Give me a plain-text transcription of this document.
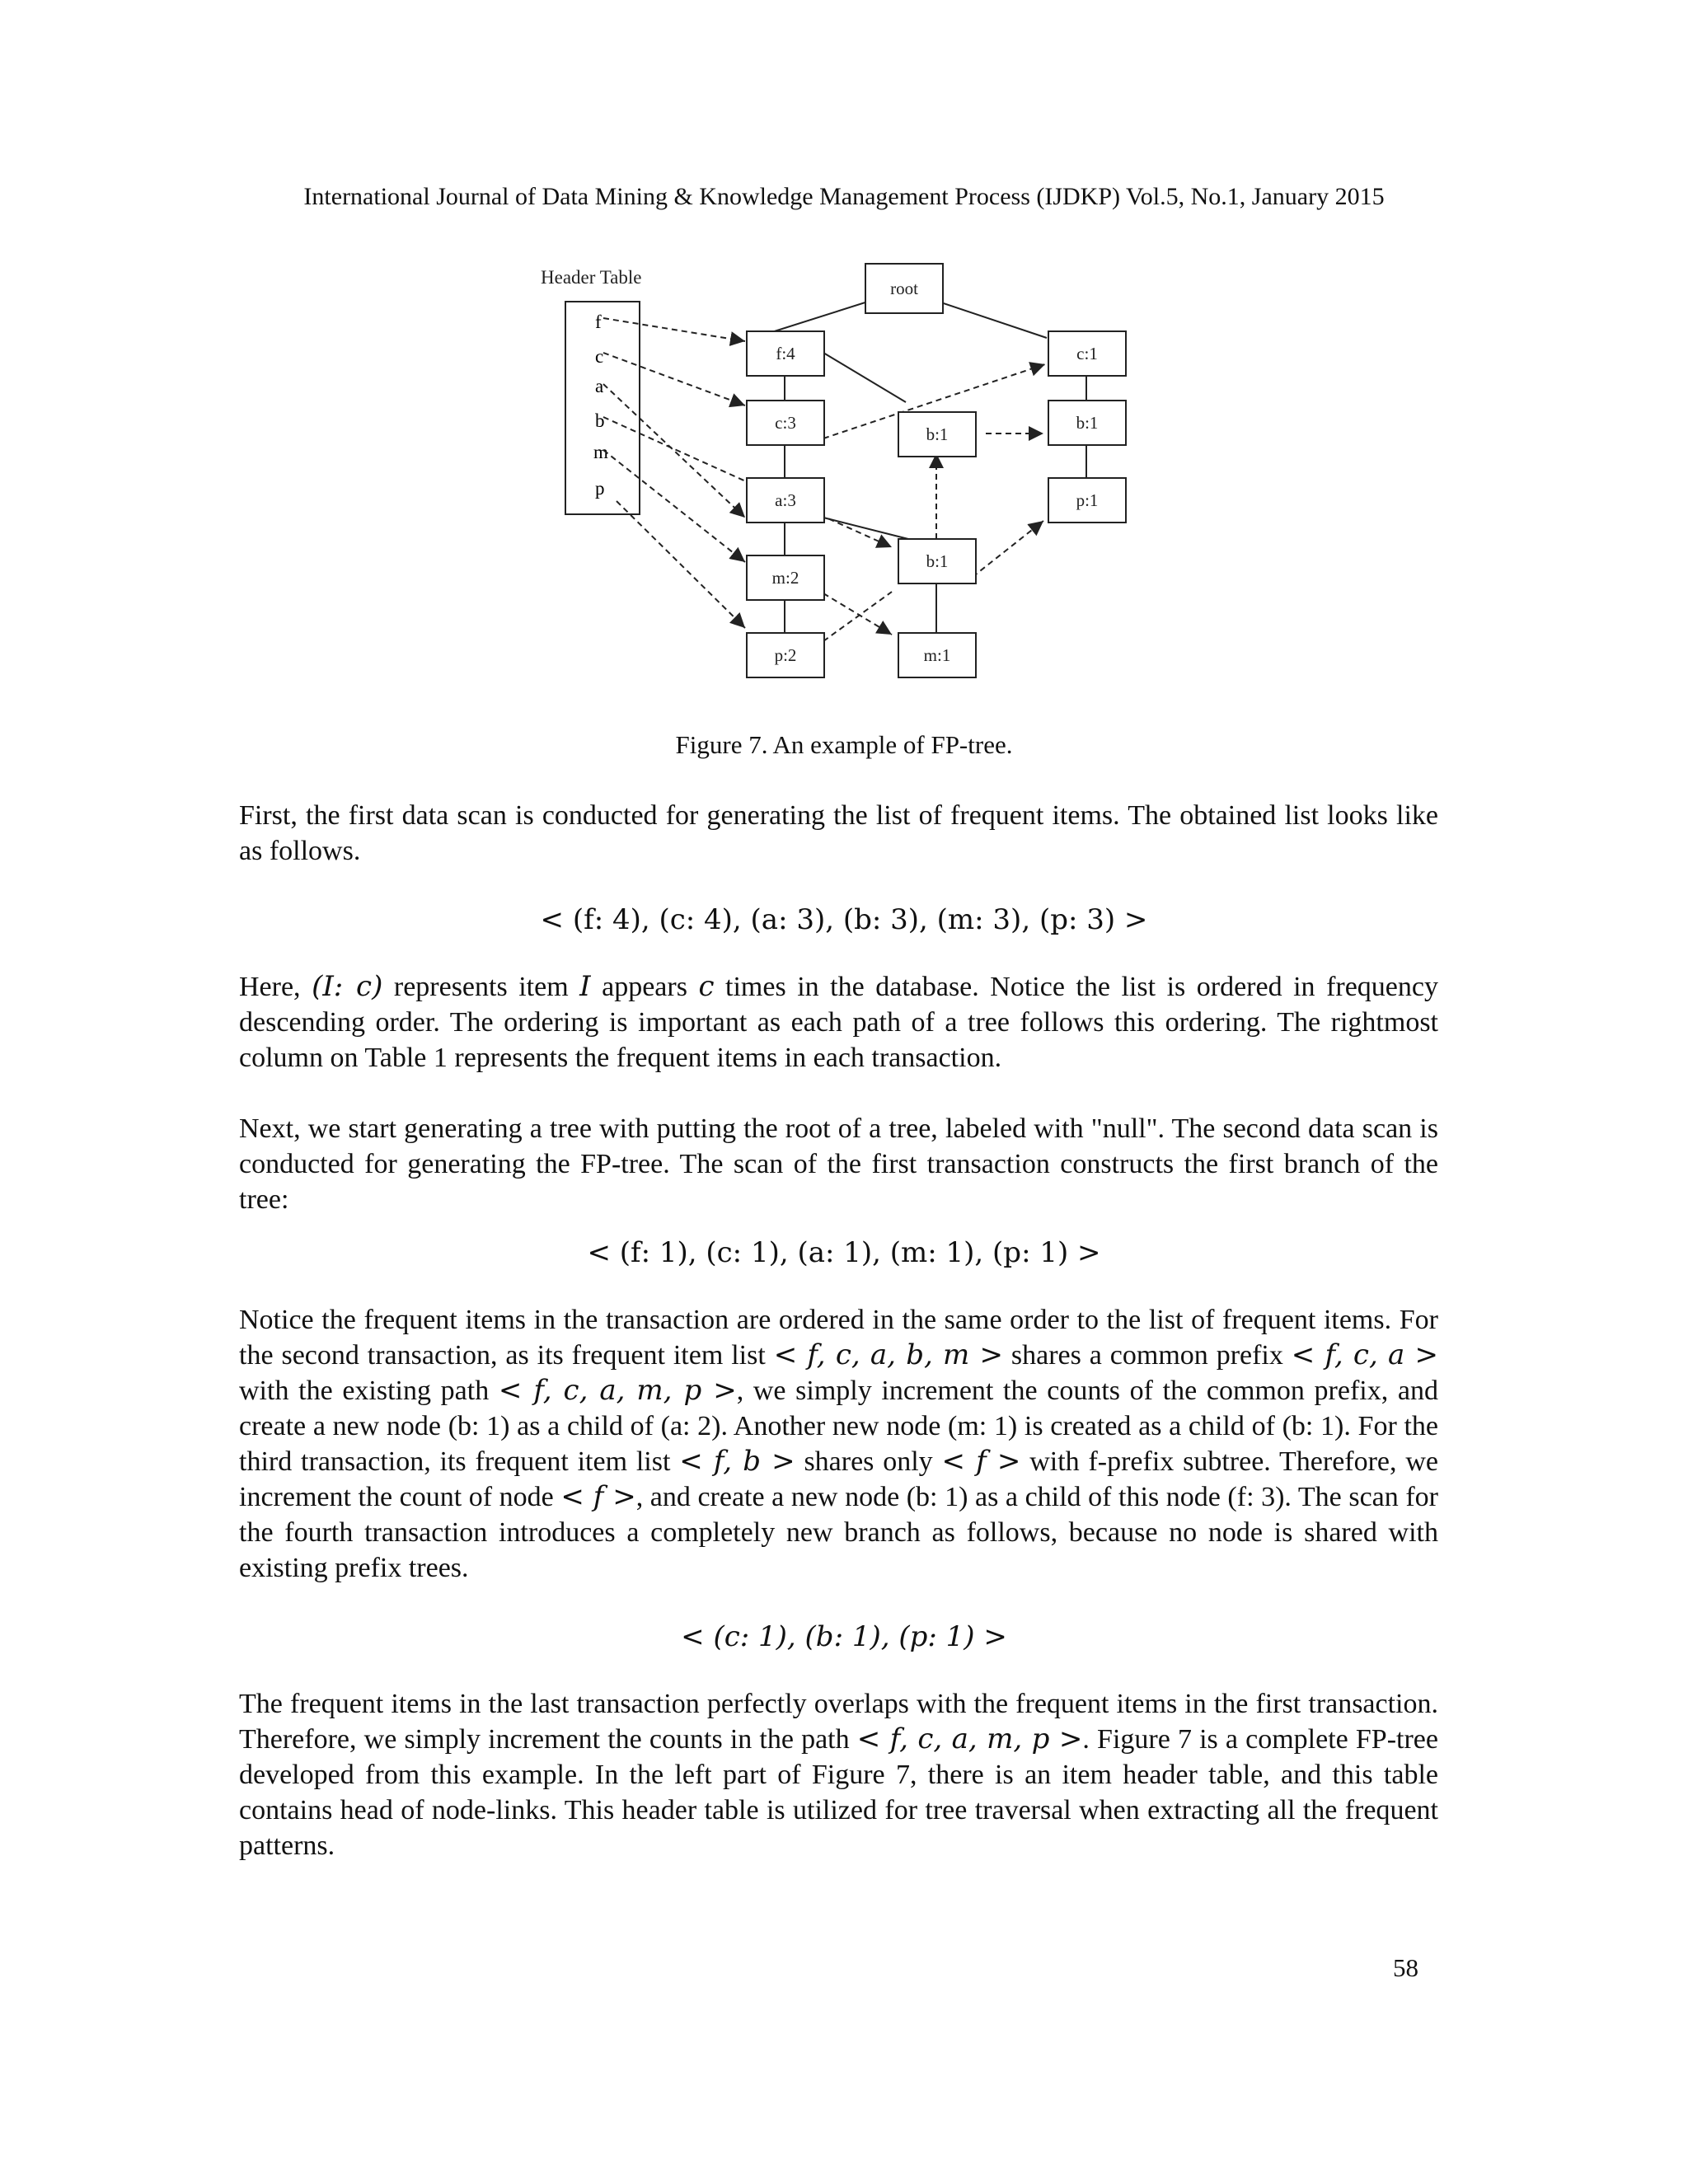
International Journal of Data Mining & Knowledge Management Process (IJDKP) Vol.5, No.1, January 2015
Header Table
f
c
a
b
m
p
root
f:4
c:3
a:3
m:2
p:2
b:1
b:1
m:1
c:1
b:1
p:1
Figure 7. An example of FP-tree.

First, the first data scan is conducted for generating the list of frequent items. The obtained list looks like as follows.

< (f: 4), (c: 4), (a: 3), (b: 3), (m: 3), (p: 3) >

Here, (I: c) represents item I appears c times in the database. Notice the list is ordered in frequency descending order. The ordering is important as each path of a tree follows this ordering. The rightmost column on Table 1 represents the frequent items in each transaction.

Next, we start generating a tree with putting the root of a tree, labeled with "null". The second data scan is conducted for generating the FP-tree. The scan of the first transaction constructs the first branch of the tree:

< (f: 1), (c: 1), (a: 1), (m: 1), (p: 1) >

Notice the frequent items in the transaction are ordered in the same order to the list of frequent items. For the second transaction, as its frequent item list < f, c, a, b, m > shares a common prefix < f, c, a > with the existing path < f, c, a, m, p >, we simply increment the counts of the common prefix, and create a new node (b: 1) as a child of (a: 2). Another new node (m: 1) is created as a child of (b: 1). For the third transaction, its frequent item list < f, b > shares only < f > with f-prefix subtree. Therefore, we increment the count of node < f >, and create a new node (b: 1) as a child of this node (f: 3). The scan for the fourth transaction introduces a completely new branch as follows, because no node is shared with existing prefix trees.

< (c: 1), (b: 1), (p: 1) >

The frequent items in the last transaction perfectly overlaps with the frequent items in the first transaction. Therefore, we simply increment the counts in the path < f, c, a, m, p >. Figure 7 is a complete FP-tree developed from this example. In the left part of Figure 7, there is an item header table, and this table contains head of node-links. This header table is utilized for tree traversal when extracting all the frequent patterns.

58
